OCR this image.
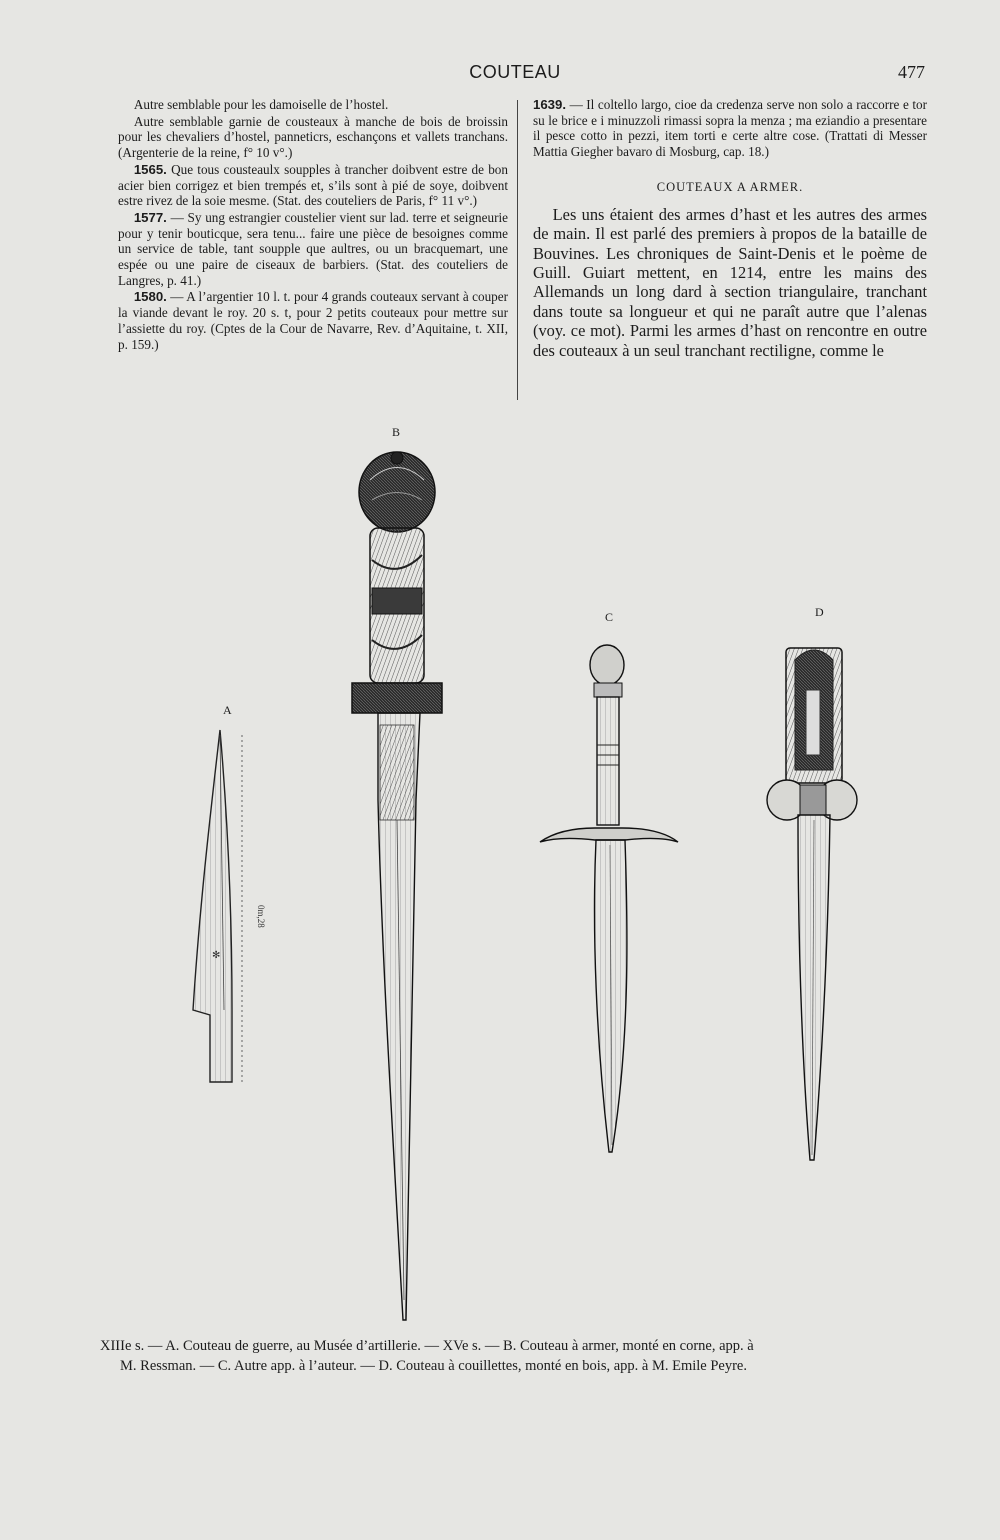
COUTEAU	477

Autre semblable pour les damoiselle de l’hostel.

Autre semblable garnie de cousteaux à manche de bois de broissin pour les chevaliers d’hostel, panneticrs, eschançons et vallets tranchans. (Argenterie de la reine, f° 10 v°.)

1565. Que tous cousteaulx soupples à trancher doibvent estre de bon acier bien corrigez et bien trempés et, s’ils sont à pié de soye, doibvent estre rivez de la soie mesme. (Stat. des couteliers de Paris, f° 11 v°.)

1577. — Sy ung estrangier coustelier vient sur lad. terre et seigneurie pour y tenir bouticque, sera tenu... faire une pièce de besoignes comme un service de table, tant soupple que aultres, ou un bracquemart, une espée ou une paire de ciseaux de barbiers. (Stat. des couteliers de Langres, p. 41.)

1580. — A l’argentier 10 l. t. pour 4 grands couteaux servant à couper la viande devant le roy. 20 s. t, pour 2 petits couteaux pour mettre sur l’assiette du roy. (Cptes de la Cour de Navarre, Rev. d’Aquitaine, t. XII, p. 159.)

1639. — Il coltello largo, cioe da credenza serve non solo a raccorre e tor su le brice e i minuzzoli rimassi sopra la menza ; ma eziandio a presentare il pesce cotto in pezzi, item torti e certe altre cose. (Trattati di Messer Mattia Giegher bavaro di Mosburg, cap. 18.)

COUTEAUX A ARMER.

Les uns étaient des armes d’hast et les autres des armes de main. Il est parlé des premiers à propos de la bataille de Bouvines. Les chroniques de Saint-Denis et le poème de Guill. Guiart mettent, en 1214, entre les mains des Allemands un long dard à section triangulaire, tranchant dans toute sa longueur et qui ne paraît autre que l’alenas (voy. ce mot). Parmi les armes d’hast on rencontre en outre des couteaux à un seul tranchant rectiligne, comme le

B
A
C	D
✻
0m,28

XIIIe s. — A. Couteau de guerre, au Musée d’artillerie. — XVe s. — B. Couteau à armer, monté en corne, app. à

M. Ressman. — C. Autre app. à l’auteur. — D. Couteau à couillettes, monté en bois, app. à M. Emile Peyre.
